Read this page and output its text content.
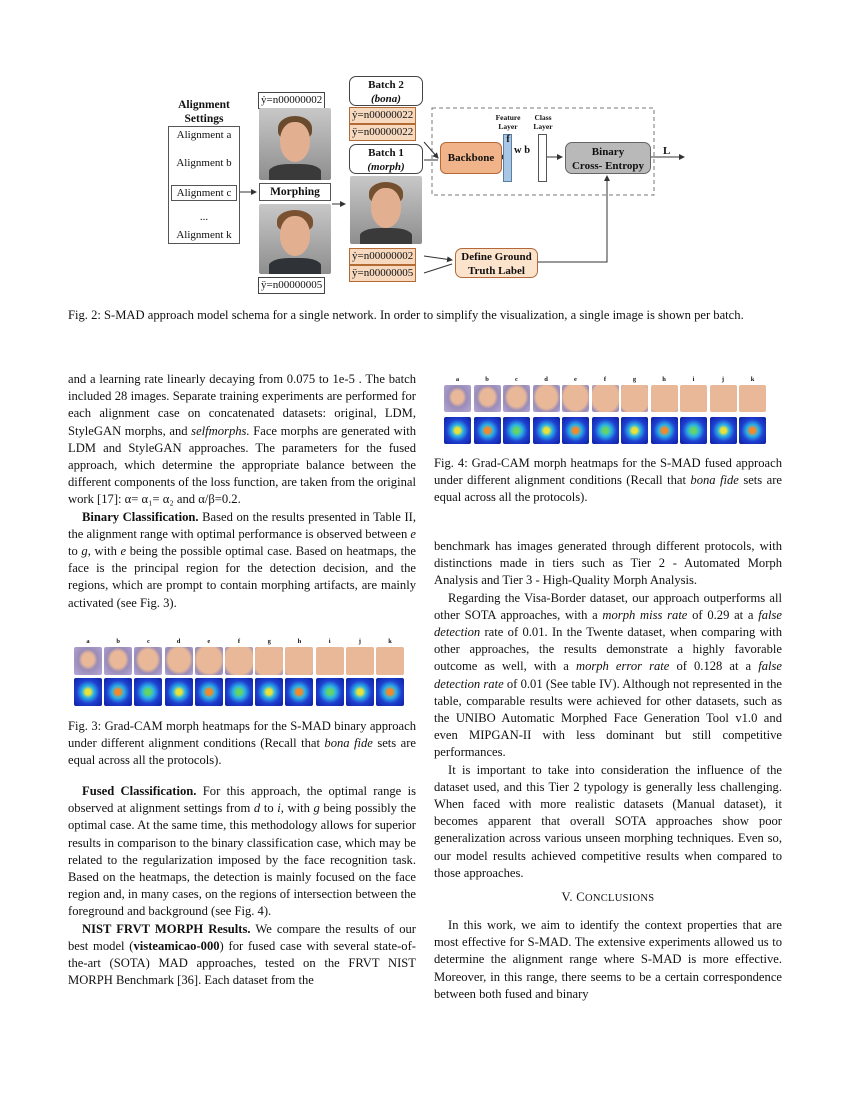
Alignment Settings
Alignment a
Alignment b
Alignment c
...
Alignment k
ẏ=n00000002
Morphing
ÿ=n00000005
Batch 2
(bona)
ẏ=n00000022
ÿ=n00000022
Batch 1
(morph)
ẏ=n00000002
ÿ=n00000005
Backbone
Feature Layer
f
w b
Class Layer
Binary
Cross- Entropy
L
Define Ground
Truth Label
Fig. 2: S-MAD approach model schema for a single network. In order to simplify the visualization, a single image is shown per batch.
a	b	c	d	e	f	g	h	i	j	k

and a learning rate linearly decaying from 0.075 to 1e-5 . The batch included 28 images. Separate training experiments are performed for each alignment case on concatenated datasets: original, LDM, StyleGAN morphs, and selfmorphs. Face morphs are generated with LDM and StyleGAN approaches. The parameters for the fused approach, which determine the appropriate balance between the different components of the loss function, are taken from the original work [17]: α= α₁= α₂ and α/β=0.2.

Binary Classification. Based on the results presented in Table II, the alignment range with optimal performance is observed between e to g, with e being the possible optimal case. Based on heatmaps, the face is the principal region for the detection decision, and the regions, which are prompt to contain morphing artifacts, are mainly activated (see Fig. 3).

a	b	c	d	e	f	g	h	i	j	k
Fig. 3: Grad-CAM morph heatmaps for the S-MAD binary approach under different alignment conditions (Recall that bona fide sets are equal across all the protocols).

Fused Classification. For this approach, the optimal range is observed at alignment settings from d to i, with g being possibly the optimal case. At the same time, this methodology allows for superior results in comparison to the binary classification case, which may be related to the regularization imposed by the face recognition task. Based on the heatmaps, the detection is mainly focused on the face region and, in many cases, on the regions of intersection between the foreground and background (see Fig. 4).

NIST FRVT MORPH Results. We compare the results of our best model (visteamicao-000) for fused case with several state-of-the-art (SOTA) MAD approaches, tested on the FRVT NIST MORPH Benchmark [36]. Each dataset from the

Fig. 4: Grad-CAM morph heatmaps for the S-MAD fused approach under different alignment conditions (Recall that bona fide sets are equal across all the protocols).

benchmark has images generated through different protocols, with distinctions made in tiers such as Tier 2 - Automated Morph Analysis and Tier 3 - High-Quality Morph Analysis.

Regarding the Visa-Border dataset, our approach outperforms all other SOTA approaches, with a morph miss rate of 0.29 at a false detection rate of 0.01. In the Twente dataset, when comparing with other approaches, the results demonstrate a highly favorable outcome as well, with a morph error rate of 0.128 at a false detection rate of 0.01 (See table IV). Although not represented in the table, comparable results were achieved for other datasets, such as the UNIBO Automatic Morphed Face Generation Tool v1.0 and even MIPGAN-II with less dominant but still competitive performances.

It is important to take into consideration the influence of the dataset used, and this Tier 2 typology is generally less challenging. When faced with more realistic datasets (Manual dataset), it becomes apparent that overall SOTA approaches show poor generalization across various unseen morphing techniques. Even so, our model results achieved competitive results when compared to those approaches.

V. CONCLUSIONS

In this work, we aim to identify the context properties that are most effective for S-MAD. The extensive experiments allowed us to determine the alignment range where S-MAD is more effective. Moreover, in this range, there seems to be a certain correspondence between both fused and binary
